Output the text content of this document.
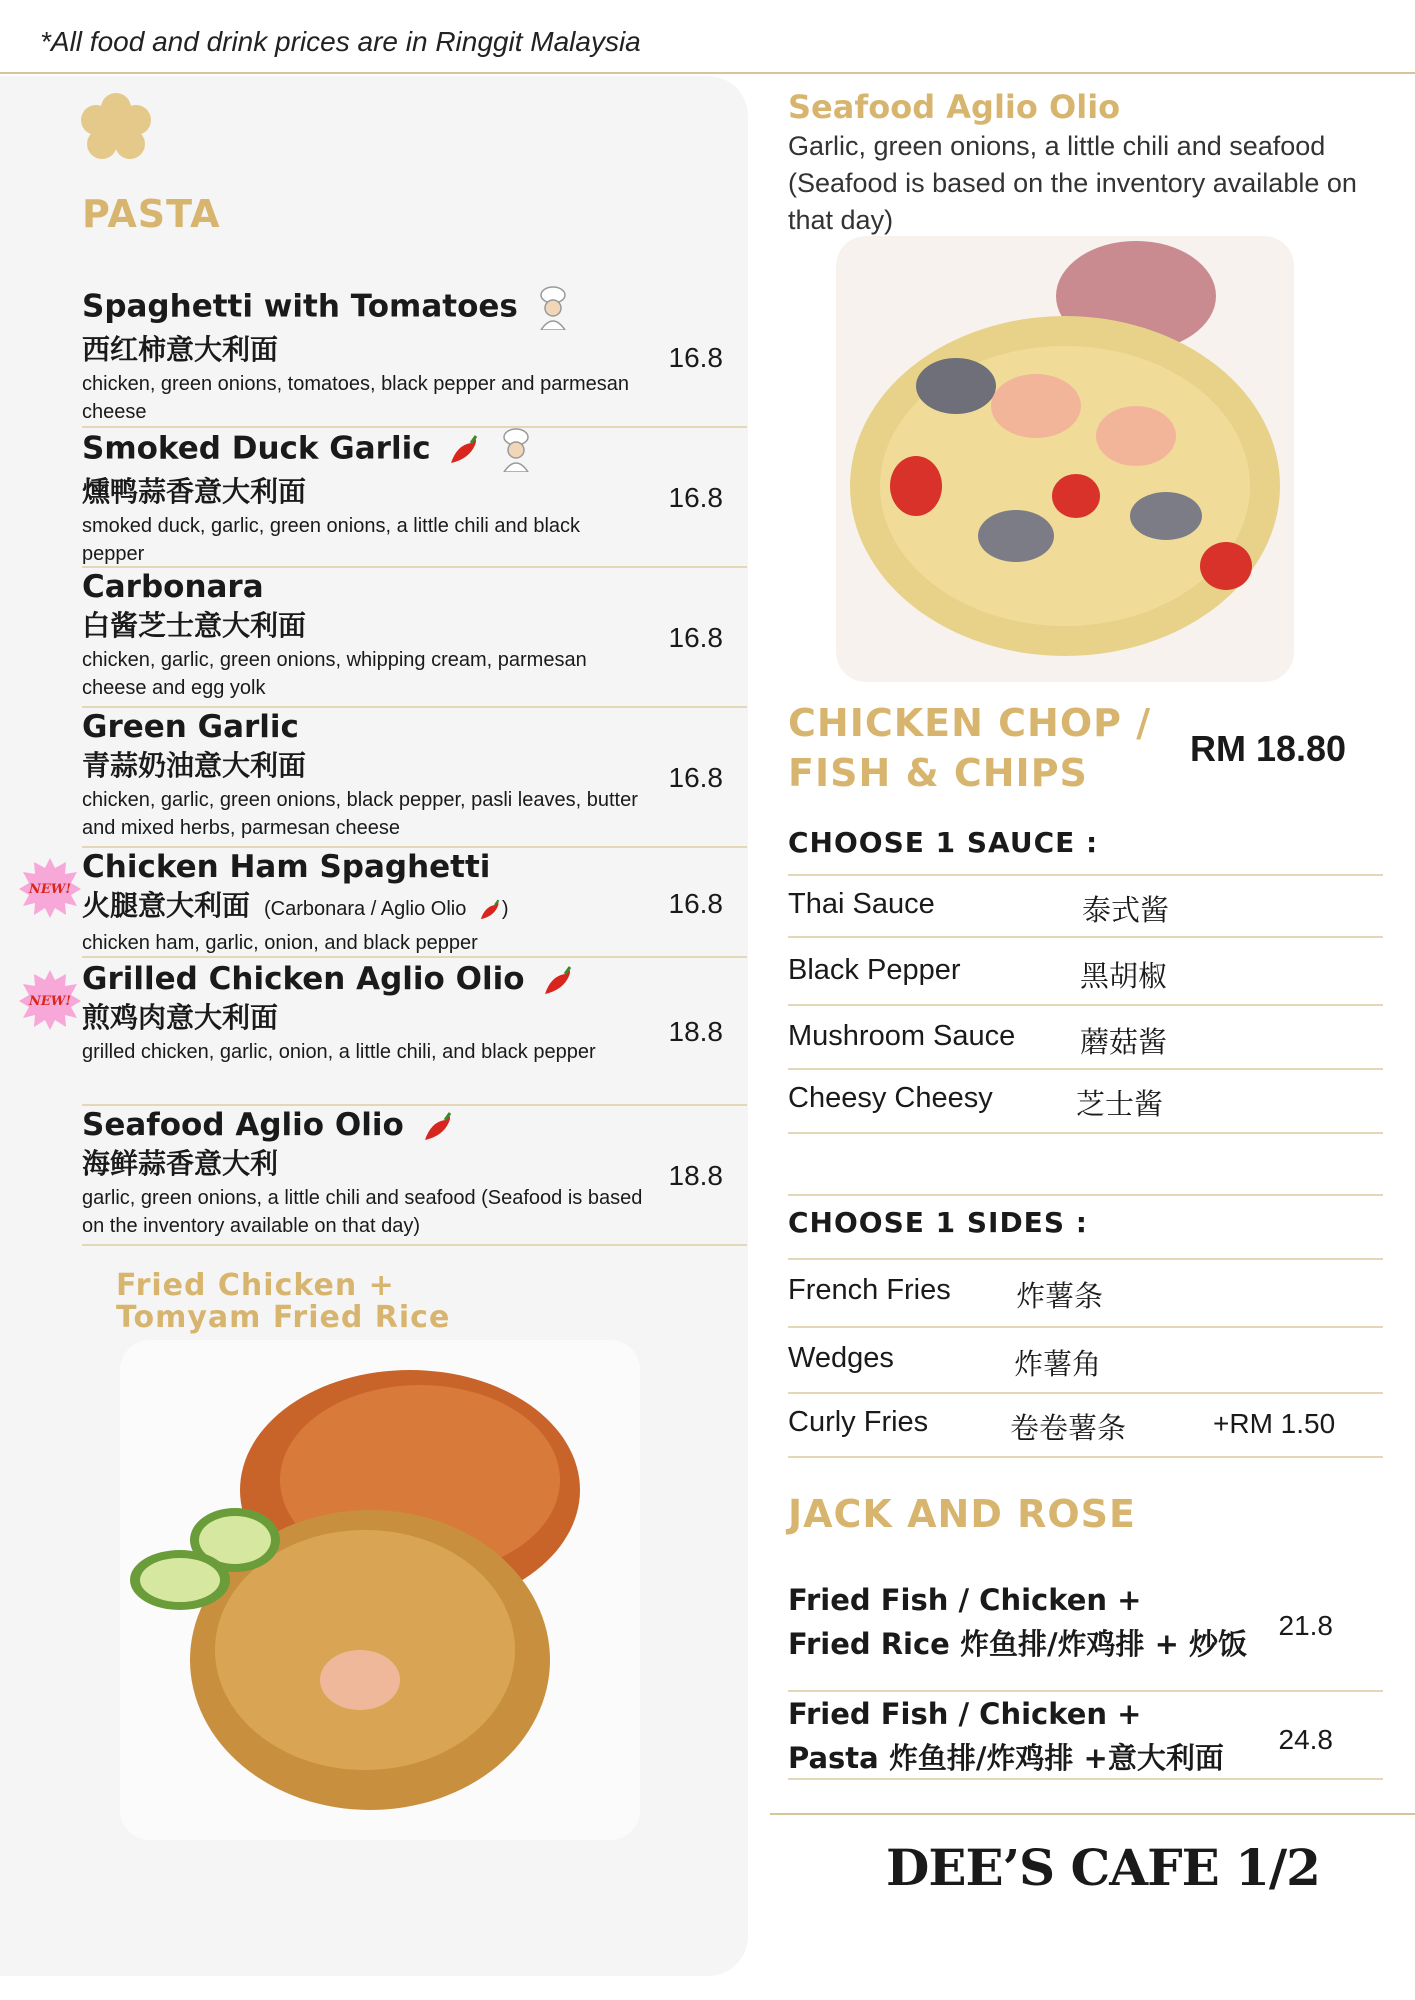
*All food and drink prices are in Ringgit Malaysia
PASTA
Spaghetti with Tomatoes
西红柿意大利面
chicken, green onions, tomatoes, black pepper and parmesan cheese
16.8
Smoked Duck Garlic
燻鸭蒜香意大利面
smoked duck, garlic, green onions, a little chili and black pepper
16.8
Carbonara
白酱芝士意大利面
chicken, garlic, green onions, whipping cream, parmesan cheese and egg yolk
16.8
Green Garlic
青蒜奶油意大利面
chicken, garlic, green onions, black pepper, pasli leaves, butter and mixed herbs, parmesan cheese
16.8
NEW!
Chicken Ham Spaghetti
火腿意大利面 (Carbonara / Aglio Olio )
chicken ham, garlic, onion, and black pepper
16.8
NEW!
Grilled Chicken Aglio Olio
煎鸡肉意大利面
grilled chicken, garlic, onion, a little chili, and black pepper
18.8
Seafood Aglio Olio
海鲜蒜香意大利
garlic, green onions, a little chili and seafood (Seafood is based on the inventory available on that day)
18.8
Fried Chicken +
Tomyam Fried Rice
Seafood Aglio Olio
Garlic, green onions, a little chili and seafood (Seafood is based on the inventory available on that day)
CHICKEN CHOP /
FISH & CHIPS
RM 18.80
CHOOSE 1 SAUCE :
Thai Sauce	泰式酱
Black Pepper	黑胡椒
Mushroom Sauce 蘑菇酱
Cheesy Cheesy	芝士酱
CHOOSE 1 SIDES :
French Fries 炸薯条
Wedges	炸薯角
Curly Fries	卷卷薯条	+RM 1.50
JACK AND ROSE
Fried Fish / Chicken +
Fried Rice 炸鱼排/炸鸡排 + 炒饭
21.8
Fried Fish / Chicken +
Pasta 炸鱼排/炸鸡排 +意大利面
24.8
DEE’S CAFE 1/2
